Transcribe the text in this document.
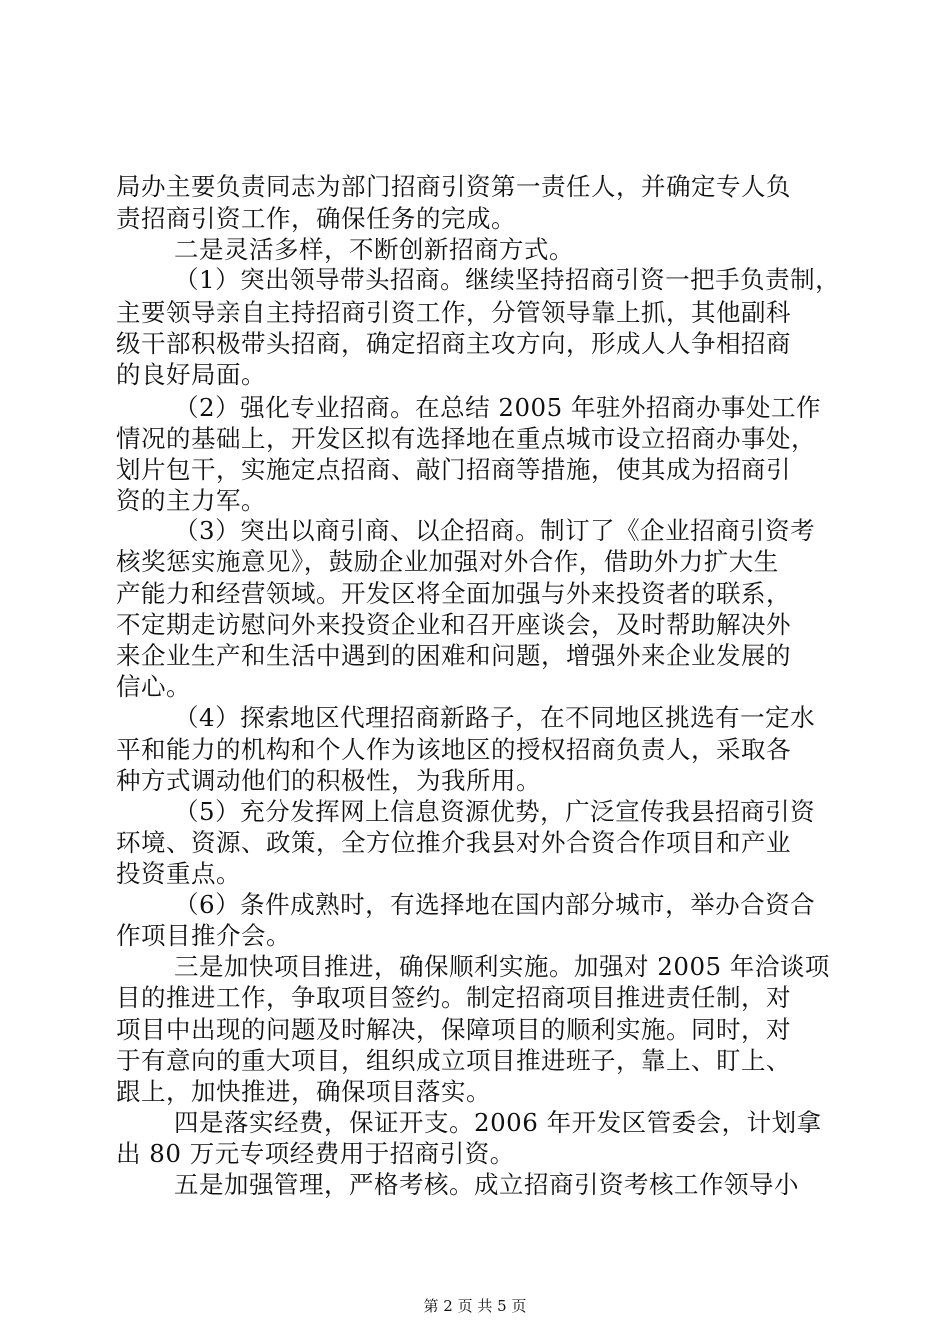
局办主要负责同志为部门招商引资第一责任人，并确定专人负
责招商引资工作，确保任务的完成。
二是灵活多样，不断创新招商方式。
（1）突出领导带头招商。继续坚持招商引资一把手负责制，
主要领导亲自主持招商引资工作，分管领导靠上抓，其他副科
级干部积极带头招商，确定招商主攻方向，形成人人争相招商
的良好局面。
（2）强化专业招商。在总结 2005 年驻外招商办事处工作
情况的基础上，开发区拟有选择地在重点城市设立招商办事处，
划片包干，实施定点招商、敲门招商等措施，使其成为招商引
资的主力军。
（3）突出以商引商、以企招商。制订了《企业招商引资考
核奖惩实施意见》，鼓励企业加强对外合作，借助外力扩大生
产能力和经营领域。开发区将全面加强与外来投资者的联系，
不定期走访慰问外来投资企业和召开座谈会，及时帮助解决外
来企业生产和生活中遇到的困难和问题，增强外来企业发展的
信心。
（4）探索地区代理招商新路子，在不同地区挑选有一定水
平和能力的机构和个人作为该地区的授权招商负责人，采取各
种方式调动他们的积极性，为我所用。
（5）充分发挥网上信息资源优势，广泛宣传我县招商引资
环境、资源、政策，全方位推介我县对外合资合作项目和产业
投资重点。
（6）条件成熟时，有选择地在国内部分城市，举办合资合
作项目推介会。
三是加快项目推进，确保顺利实施。加强对 2005 年洽谈项
目的推进工作，争取项目签约。制定招商项目推进责任制，对
项目中出现的问题及时解决，保障项目的顺利实施。同时，对
于有意向的重大项目，组织成立项目推进班子，靠上、盯上、
跟上，加快推进，确保项目落实。
四是落实经费，保证开支。2006 年开发区管委会，计划拿
出 80 万元专项经费用于招商引资。
五是加强管理，严格考核。成立招商引资考核工作领导小
第 2 页 共 5 页
